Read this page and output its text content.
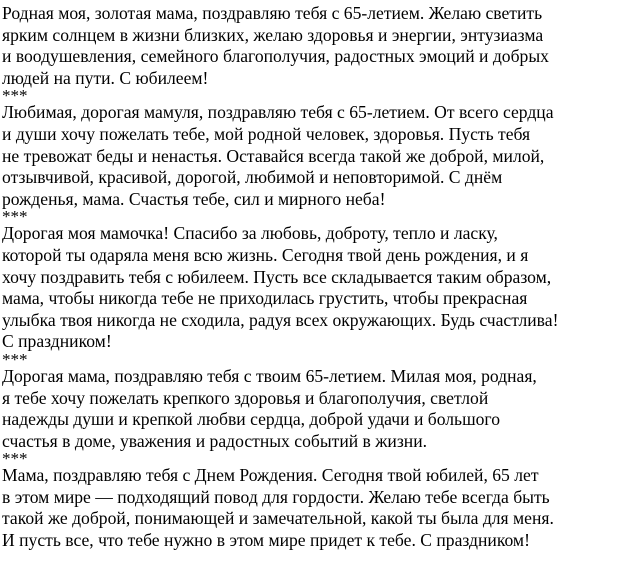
Родная моя, золотая мама, поздравляю тебя с 65-летием. Желаю светить
ярким солнцем в жизни близких, желаю здоровья и энергии, энтузиазма
и воодушевления, семейного благополучия, радостных эмоций и добрых
людей на пути. С юбилеем!
***
Любимая, дорогая мамуля, поздравляю тебя с 65-летием. От всего сердца
и души хочу пожелать тебе, мой родной человек, здоровья. Пусть тебя
не тревожат беды и ненастья. Оставайся всегда такой же доброй, милой,
отзывчивой, красивой, дорогой, любимой и неповторимой. С днём
рожденья, мама. Счастья тебе, сил и мирного неба!
***
Дорогая моя мамочка! Спасибо за любовь, доброту, тепло и ласку,
которой ты одаряла меня всю жизнь. Сегодня твой день рождения, и я
хочу поздравить тебя с юбилеем. Пусть все складывается таким образом,
мама, чтобы никогда тебе не приходилась грустить, чтобы прекрасная
улыбка твоя никогда не сходила, радуя всех окружающих. Будь счастлива!
С праздником!
***
Дорогая мама, поздравляю тебя с твоим 65-летием. Милая моя, родная,
я тебе хочу пожелать крепкого здоровья и благополучия, светлой
надежды души и крепкой любви сердца, доброй удачи и большого
счастья в доме, уважения и радостных событий в жизни.
***
Мама, поздравляю тебя с Днем Рождения. Сегодня твой юбилей, 65 лет
в этом мире — подходящий повод для гордости. Желаю тебе всегда быть
такой же доброй, понимающей и замечательной, какой ты была для меня.
И пусть все, что тебе нужно в этом мире придет к тебе. С праздником!
